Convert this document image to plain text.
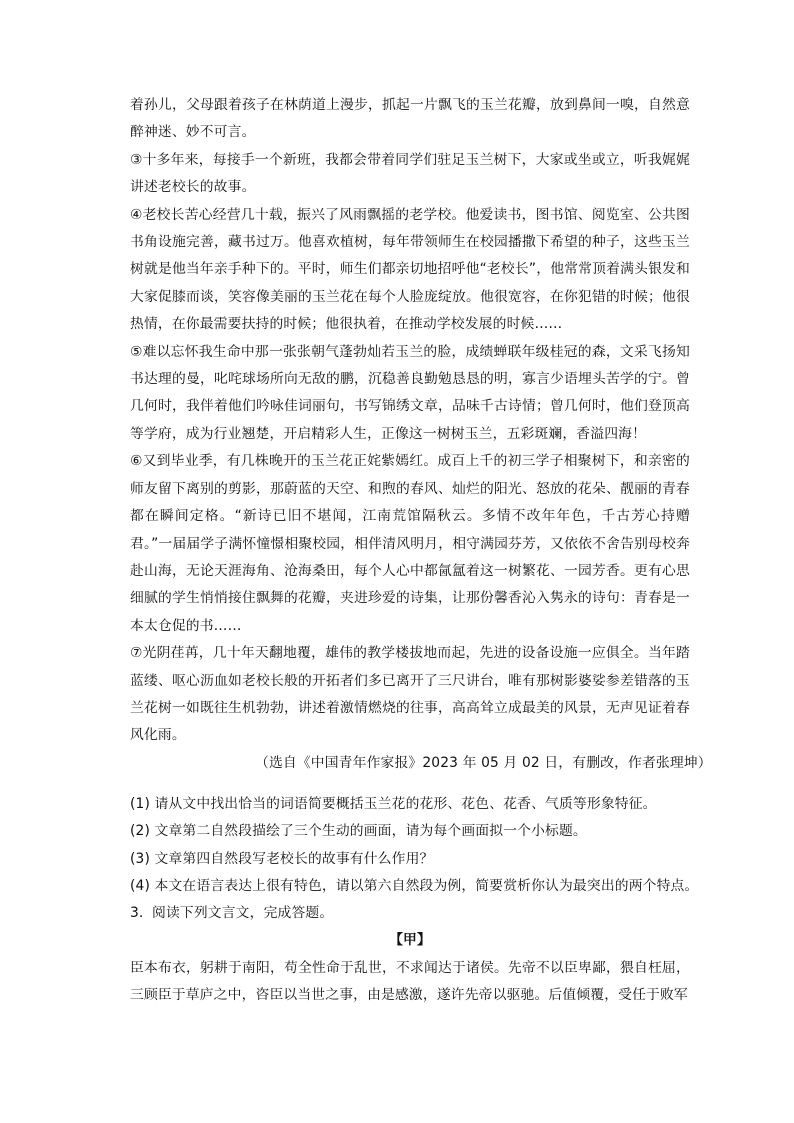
着孙儿，父母跟着孩子在林荫道上漫步，抓起一片飘飞的玉兰花瓣，放到鼻间一嗅，自然意醉神迷、妙不可言。

③十多年来，每接手一个新班，我都会带着同学们驻足玉兰树下，大家或坐或立，听我娓娓讲述老校长的故事。

④老校长苦心经营几十载，振兴了风雨飘摇的老学校。他爱读书，图书馆、阅览室、公共图书角设施完善，藏书过万。他喜欢植树，每年带领师生在校园播撒下希望的种子，这些玉兰树就是他当年亲手种下的。平时，师生们都亲切地招呼他“老校长”，他常常顶着满头银发和大家促膝而谈，笑容像美丽的玉兰花在每个人脸庞绽放。他很宽容，在你犯错的时候；他很热情，在你最需要扶持的时候；他很执着，在推动学校发展的时候……

⑤难以忘怀我生命中那一张张朝气蓬勃灿若玉兰的脸，成绩蝉联年级桂冠的森，文采飞扬知书达理的曼，叱咤球场所向无敌的鹏，沉稳善良勤勉恳恳的明，寡言少语埋头苦学的宁。曾几何时，我伴着他们吟咏佳词丽句，书写锦绣文章，品味千古诗情；曾几何时，他们登顶高等学府，成为行业翘楚，开启精彩人生，正像这一树树玉兰，五彩斑斓，香溢四海！

⑥又到毕业季，有几株晚开的玉兰花正姹紫嫣红。成百上千的初三学子相聚树下，和亲密的师友留下离别的剪影，那蔚蓝的天空、和煦的春风、灿烂的阳光、怒放的花朵、靓丽的青春都在瞬间定格。“新诗已旧不堪闻，江南荒馆隔秋云。多情不改年年色，千古芳心持赠君。”一届届学子满怀憧憬相聚校园，相伴清风明月，相守满园芬芳，又依依不舍告别母校奔赴山海，无论天涯海角、沧海桑田，每个人心中都氤氲着这一树繁花、一园芳香。更有心思细腻的学生悄悄接住飘舞的花瓣，夹进珍爱的诗集，让那份馨香沁入隽永的诗句：青春是一本太仓促的书……

⑦光阴荏苒，几十年天翻地覆，雄伟的教学楼拔地而起，先进的设备设施一应俱全。当年踏蓝缕、呕心沥血如老校长般的开拓者们多已离开了三尺讲台，唯有那树影婆娑参差错落的玉兰花树一如既往生机勃勃，讲述着激情燃烧的往事，高高耸立成最美的风景，无声见证着春风化雨。

（选自《中国青年作家报》2023 年 05 月 02 日，有删改，作者张理坤）

(1) 请从文中找出恰当的词语简要概括玉兰花的花形、花色、花香、气质等形象特征。

(2) 文章第二自然段描绘了三个生动的画面，请为每个画面拟一个小标题。

(3) 文章第四自然段写老校长的故事有什么作用？

(4) 本文在语言表达上很有特色，请以第六自然段为例，简要赏析你认为最突出的两个特点。

3. 阅读下列文言文，完成答题。

【甲】

臣本布衣，躬耕于南阳，苟全性命于乱世，不求闻达于诸侯。先帝不以臣卑鄙，猥自枉屈，三顾臣于草庐之中，咨臣以当世之事，由是感激，遂许先帝以驱驰。后值倾覆，受任于败军
